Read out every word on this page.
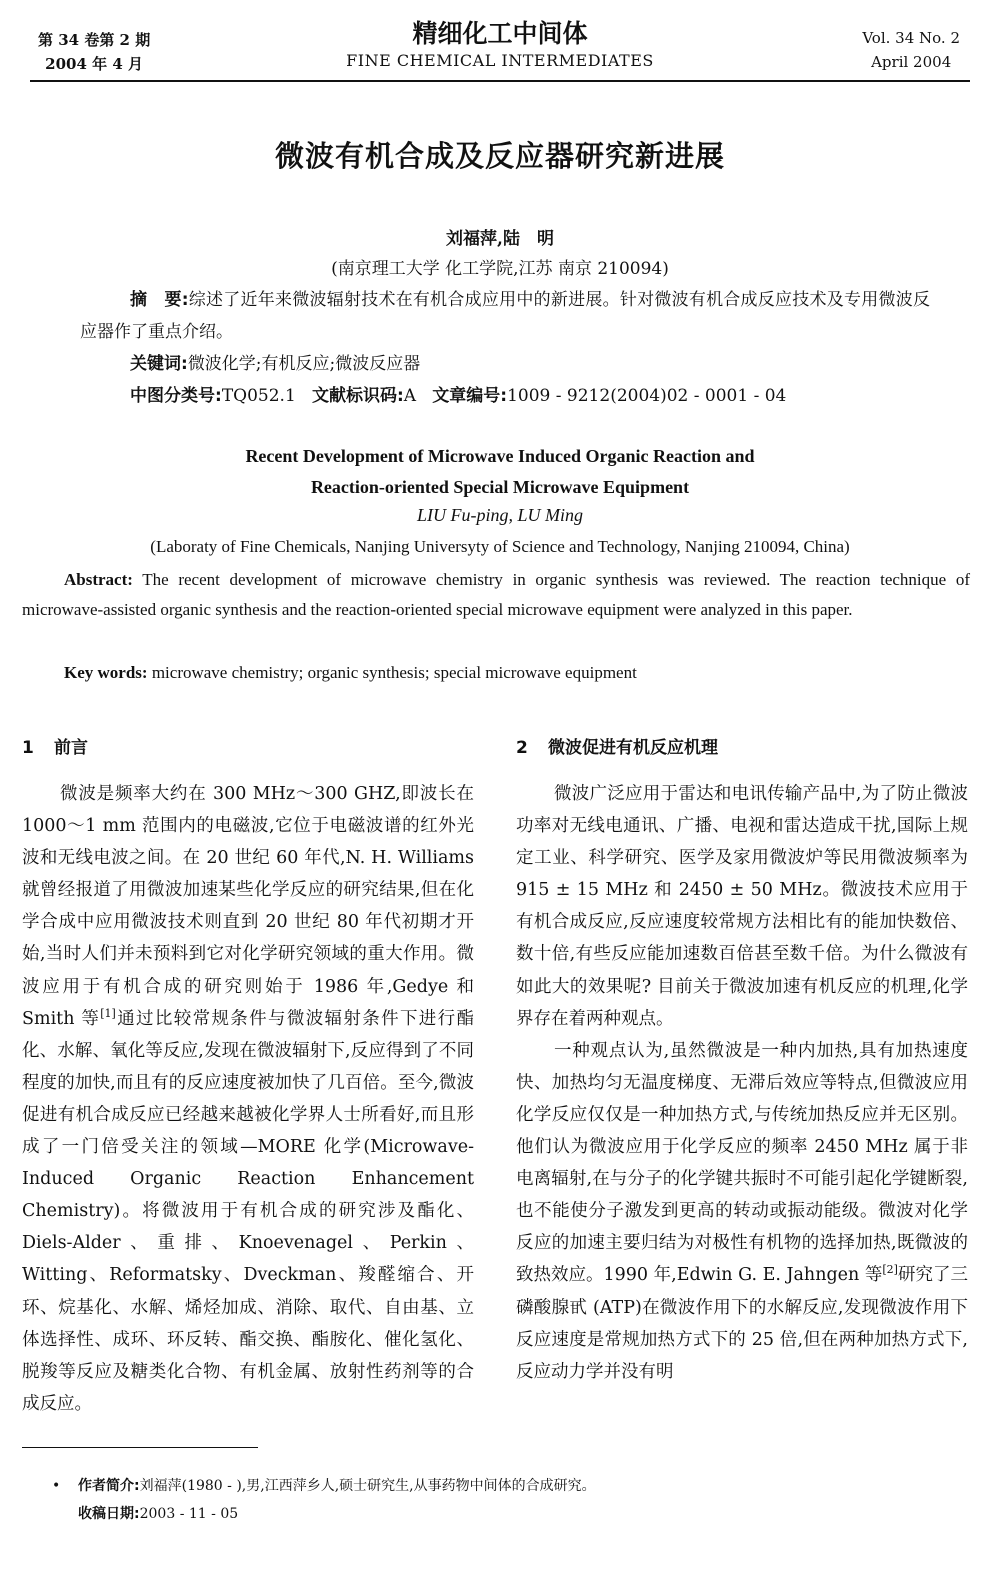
第 34 卷第 2 期
2004 年 4 月
精细化工中间体
FINE CHEMICAL INTERMEDIATES
Vol. 34 No. 2
April 2004
微波有机合成及反应器研究新进展
刘福萍,陆　明
(南京理工大学 化工学院,江苏 南京 210094)
摘　要:综述了近年来微波辐射技术在有机合成应用中的新进展。针对微波有机合成反应技术及专用微波反应器作了重点介绍。
关键词:微波化学;有机反应;微波反应器
中图分类号:TQ052.1 文献标识码:A 文章编号:1009 - 9212(2004)02 - 0001 - 04
Recent Development of Microwave Induced Organic Reaction and
Reaction-oriented Special Microwave Equipment
LIU Fu-ping, LU Ming
(Laboraty of Fine Chemicals, Nanjing Universyty of Science and Technology, Nanjing 210094, China)
Abstract: The recent development of microwave chemistry in organic synthesis was reviewed. The reaction technique of microwave-assisted organic synthesis and the reaction-oriented special microwave equipment were analyzed in this paper.
Key words: microwave chemistry; organic synthesis; special microwave equipment
1 前言

微波是频率大约在 300 MHz～300 GHZ,即波长在 1000～1 mm 范围内的电磁波,它位于电磁波谱的红外光波和无线电波之间。在 20 世纪 60 年代,N. H. Williams 就曾经报道了用微波加速某些化学反应的研究结果,但在化学合成中应用微波技术则直到 20 世纪 80 年代初期才开始,当时人们并未预料到它对化学研究领域的重大作用。微波应用于有机合成的研究则始于 1986 年,Gedye 和 Smith 等[1]通过比较常规条件与微波辐射条件下进行酯化、水解、氧化等反应,发现在微波辐射下,反应得到了不同程度的加快,而且有的反应速度被加快了几百倍。至今,微波促进有机合成反应已经越来越被化学界人士所看好,而且形成了一门倍受关注的领域—MORE 化学(Microwave-Induced Organic Reaction Enhancement Chemistry)。将微波用于有机合成的研究涉及酯化、Diels-Alder、重排、Knoevenagel、Perkin、Witting、Reformatsky、Dveckman、羧醛缩合、开环、烷基化、水解、烯烃加成、消除、取代、自由基、立体选择性、成环、环反转、酯交换、酯胺化、催化氢化、脱羧等反应及糖类化合物、有机金属、放射性药剂等的合成反应。

2 微波促进有机反应机理

微波广泛应用于雷达和电讯传输产品中,为了防止微波功率对无线电通讯、广播、电视和雷达造成干扰,国际上规定工业、科学研究、医学及家用微波炉等民用微波频率为 915 ± 15 MHz 和 2450 ± 50 MHz。微波技术应用于有机合成反应,反应速度较常规方法相比有的能加快数倍、数十倍,有些反应能加速数百倍甚至数千倍。为什么微波有如此大的效果呢? 目前关于微波加速有机反应的机理,化学界存在着两种观点。

一种观点认为,虽然微波是一种内加热,具有加热速度快、加热均匀无温度梯度、无滞后效应等特点,但微波应用化学反应仅仅是一种加热方式,与传统加热反应并无区别。他们认为微波应用于化学反应的频率 2450 MHz 属于非电离辐射,在与分子的化学键共振时不可能引起化学键断裂,也不能使分子激发到更高的转动或振动能级。微波对化学反应的加速主要归结为对极性有机物的选择加热,既微波的致热效应。1990 年,Edwin G. E. Jahngen 等[2]研究了三磷酸腺甙 (ATP)在微波作用下的水解反应,发现微波作用下反应速度是常规加热方式下的 25 倍,但在两种加热方式下,反应动力学并没有明

• 作者简介:刘福萍(1980 - ),男,江西萍乡人,硕士研究生,从事药物中间体的合成研究。
收稿日期:2003 - 11 - 05
